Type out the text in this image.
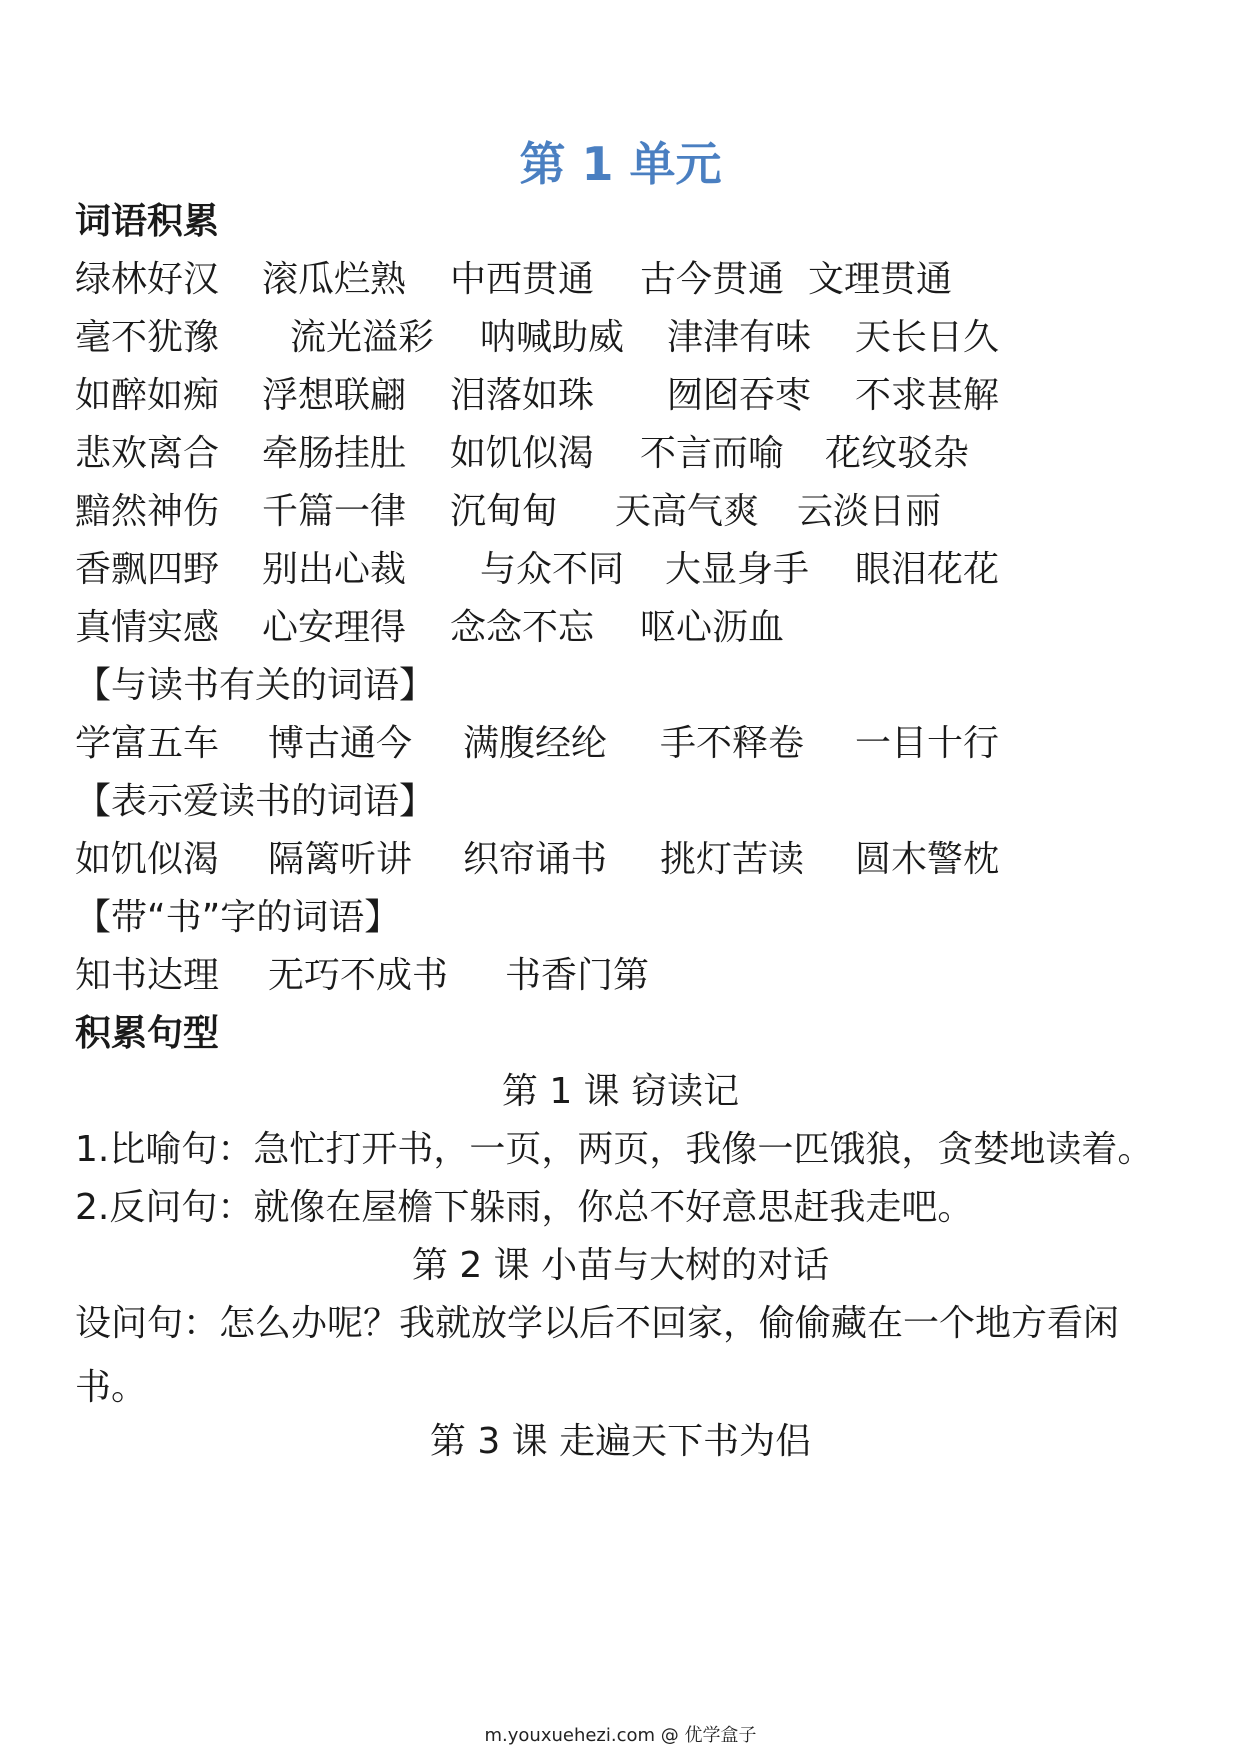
第 1 单元
词语积累
绿林好汉 滚瓜烂熟 中西贯通 古今贯通 文理贯通
毫不犹豫 流光溢彩 呐喊助威 津津有味 天长日久
如醉如痴 浮想联翩 泪落如珠 囫囵吞枣 不求甚解
悲欢离合 牵肠挂肚 如饥似渴 不言而喻 花纹驳杂
黯然神伤 千篇一律 沉甸甸 天高气爽 云淡日丽
香飘四野 别出心裁 与众不同 大显身手 眼泪花花
真情实感 心安理得 念念不忘 呕心沥血
【与读书有关的词语】
学富五车 博古通今 满腹经纶 手不释卷 一目十行
【表示爱读书的词语】
如饥似渴 隔篱听讲 织帘诵书 挑灯苦读 圆木警枕
【带“书”字的词语】
知书达理 无巧不成书 书香门第
积累句型
第 1 课 窃读记
1.比喻句：急忙打开书，一页，两页，我像一匹饿狼，贪婪地读着。
2.反问句：就像在屋檐下躲雨，你总不好意思赶我走吧。
第 2 课 小苗与大树的对话
设问句：怎么办呢？我就放学以后不回家，偷偷藏在一个地方看闲书。
第 3 课 走遍天下书为侣
m.youxuehezi.com @ 优学盒子
